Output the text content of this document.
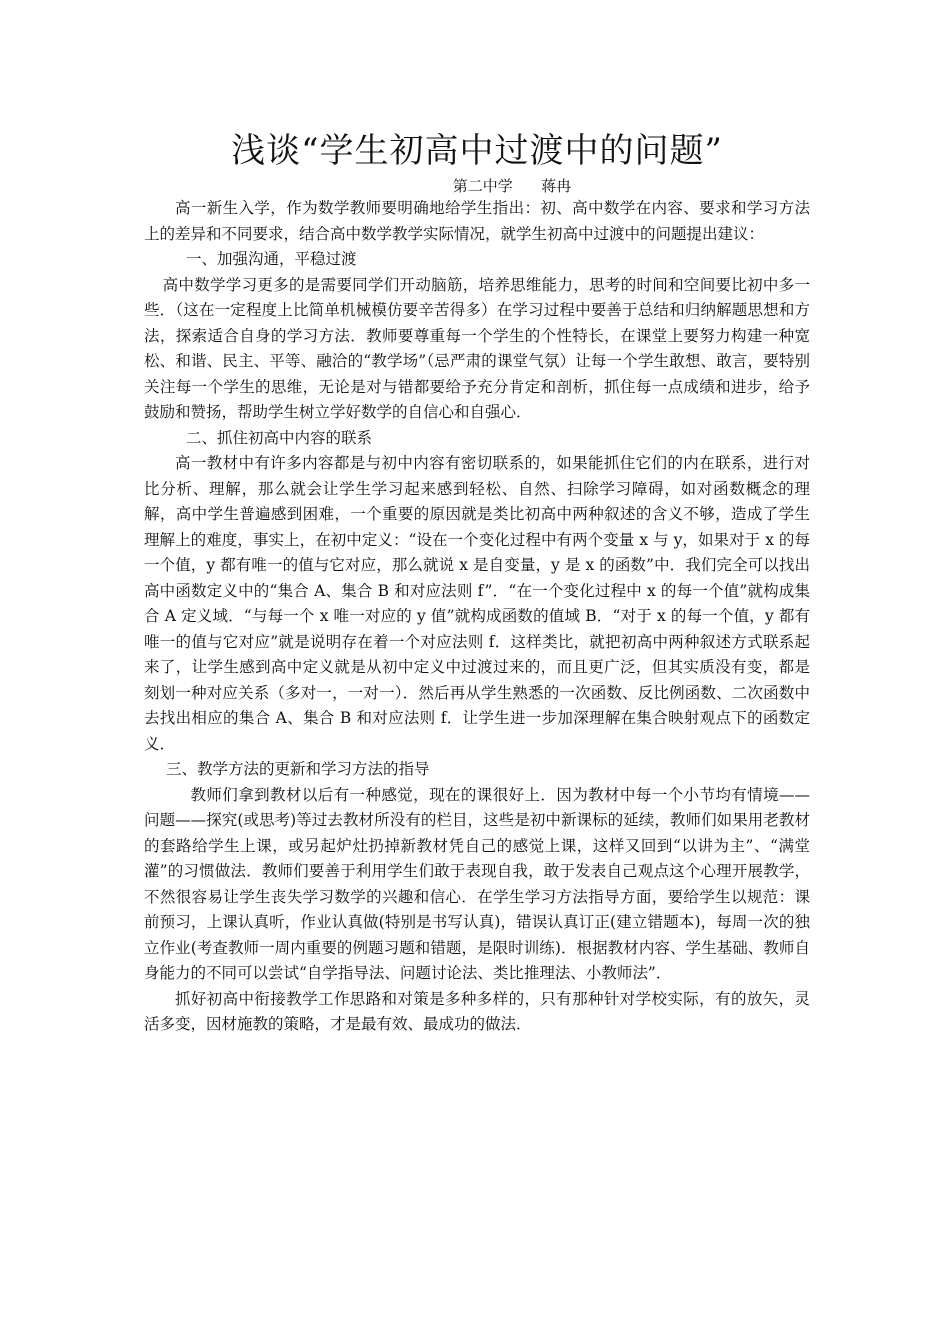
浅谈“学生初高中过渡中的问题”
第二中学      蒋冉

高一新生入学，作为数学教师要明确地给学生指出：初、高中数学在内容、要求和学习方法上的差异和不同要求，结合高中数学教学实际情况，就学生初高中过渡中的问题提出建议：

一、加强沟通，平稳过渡

高中数学学习更多的是需要同学们开动脑筋，培养思维能力，思考的时间和空间要比初中多一些．（这在一定程度上比简单机械模仿要辛苦得多）在学习过程中要善于总结和归纳解题思想和方法，探索适合自身的学习方法．教师要尊重每一个学生的个性特长，在课堂上要努力构建一种宽松、和谐、民主、平等、融洽的“教学场”（忌严肃的课堂气氛）让每一个学生敢想、敢言，要特别关注每一个学生的思维，无论是对与错都要给予充分肯定和剖析，抓住每一点成绩和进步，给予鼓励和赞扬，帮助学生树立学好数学的自信心和自强心．

二、抓住初高中内容的联系

高一教材中有许多内容都是与初中内容有密切联系的，如果能抓住它们的内在联系，进行对比分析、理解，那么就会让学生学习起来感到轻松、自然、扫除学习障碍，如对函数概念的理解，高中学生普遍感到困难，一个重要的原因就是类比初高中两种叙述的含义不够，造成了学生理解上的难度，事实上，在初中定义：“设在一个变化过程中有两个变量 x 与 y，如果对于 x 的每一个值，y 都有唯一的值与它对应，那么就说 x 是自变量，y 是 x 的函数”中．我们完全可以找出高中函数定义中的“集合 A、集合 B 和对应法则 f”．“在一个变化过程中 x 的每一个值”就构成集合 A 定义域．“与每一个 x 唯一对应的 y 值”就构成函数的值域 B．“对于 x 的每一个值，y 都有唯一的值与它对应”就是说明存在着一个对应法则 f．这样类比，就把初高中两种叙述方式联系起来了，让学生感到高中定义就是从初中定义中过渡过来的，而且更广泛，但其实质没有变，都是刻划一种对应关系（多对一，一对一）．然后再从学生熟悉的一次函数、反比例函数、二次函数中去找出相应的集合 A、集合 B 和对应法则 f．让学生进一步加深理解在集合映射观点下的函数定义．

三、教学方法的更新和学习方法的指导

教师们拿到教材以后有一种感觉，现在的课很好上．因为教材中每一个小节均有情境——问题——探究(或思考)等过去教材所没有的栏目，这些是初中新课标的延续，教师们如果用老教材的套路给学生上课，或另起炉灶扔掉新教材凭自己的感觉上课，这样又回到“以讲为主”、“满堂灌”的习惯做法．教师们要善于利用学生们敢于表现自我，敢于发表自己观点这个心理开展教学，不然很容易让学生丧失学习数学的兴趣和信心．在学生学习方法指导方面，要给学生以规范：课前预习，上课认真听，作业认真做(特别是书写认真)，错误认真订正(建立错题本)，每周一次的独立作业(考查教师一周内重要的例题习题和错题，是限时训练)．根据教材内容、学生基础、教师自身能力的不同可以尝试“自学指导法、问题讨论法、类比推理法、小教师法”．

抓好初高中衔接教学工作思路和对策是多种多样的，只有那种针对学校实际，有的放矢，灵活多变，因材施教的策略，才是最有效、最成功的做法．
